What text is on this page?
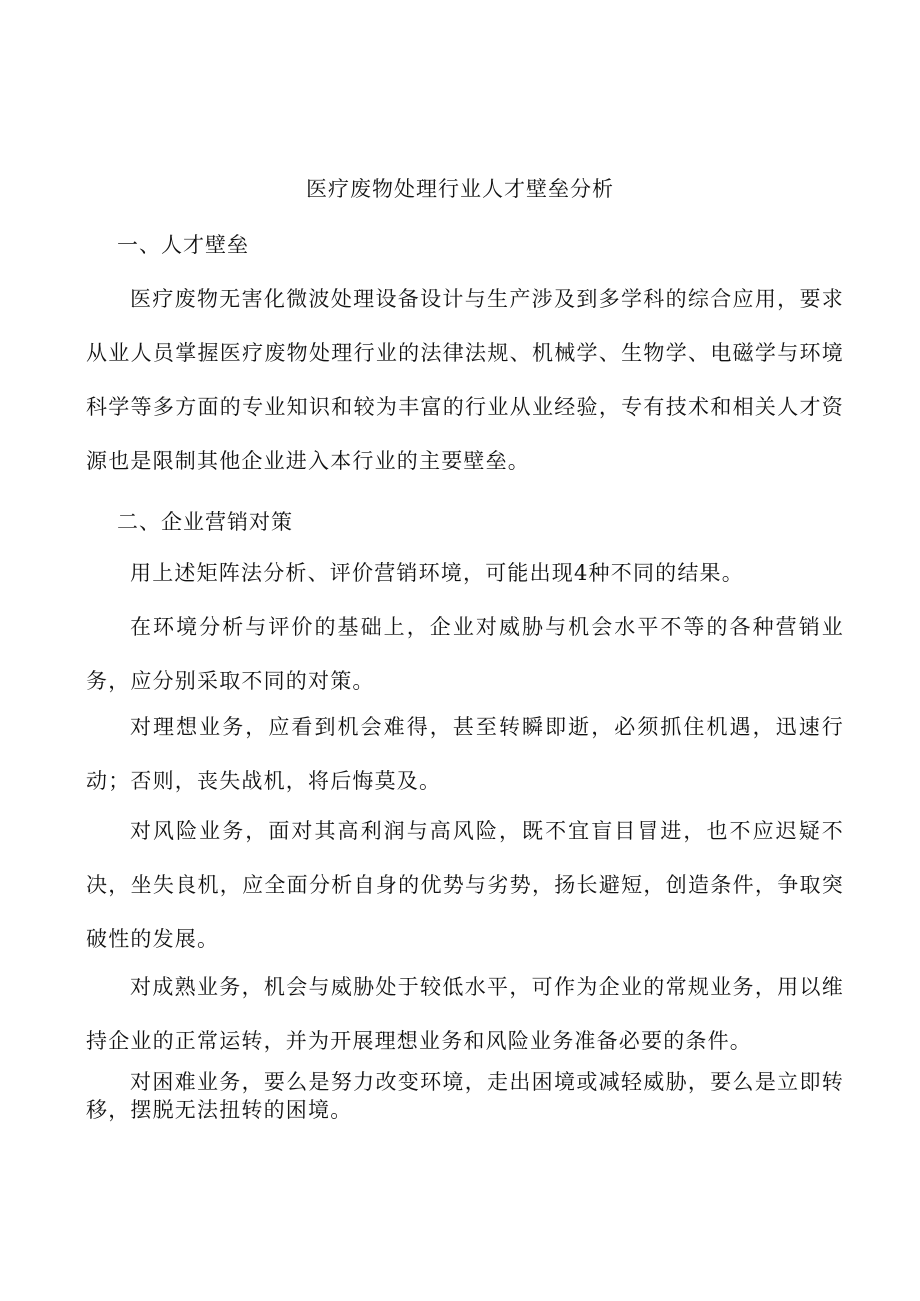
医疗废物处理行业人才壁垒分析
一、人才壁垒

医疗废物无害化微波处理设备设计与生产涉及到多学科的综合应用，要求从业人员掌握医疗废物处理行业的法律法规、机械学、生物学、电磁学与环境科学等多方面的专业知识和较为丰富的行业从业经验，专有技术和相关人才资源也是限制其他企业进入本行业的主要壁垒。

二、企业营销对策

用上述矩阵法分析、评价营销环境，可能出现4种不同的结果。

在环境分析与评价的基础上，企业对威胁与机会水平不等的各种营销业务，应分别采取不同的对策。

对理想业务，应看到机会难得，甚至转瞬即逝，必须抓住机遇，迅速行动；否则，丧失战机，将后悔莫及。

对风险业务，面对其高利润与高风险，既不宜盲目冒进，也不应迟疑不决，坐失良机，应全面分析自身的优势与劣势，扬长避短，创造条件，争取突破性的发展。

对成熟业务，机会与威胁处于较低水平，可作为企业的常规业务，用以维持企业的正常运转，并为开展理想业务和风险业务准备必要的条件。

对困难业务，要么是努力改变环境，走出困境或减轻威胁，要么是立即转移，摆脱无法扭转的困境。
